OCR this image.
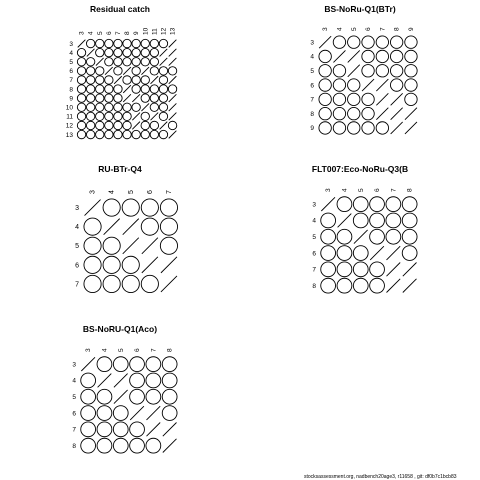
Residual catch
3 4 5 6 7 8 9 10 11 12 13
3
4
5
6
7
8
9
10
11
12
13
BS-NoRu-Q1(BTr)
3 4 5 6 7 8 9
3
4
5
6
7
8
9
RU-BTr-Q4
3 4 5 6 7
3
4
5
6
7
FLT007:Eco-NoRu-Q3(B
3 4 5 6 7 8
3
4
5
6
7
8
BS-NoRU-Q1(Aco)
3 4 5 6 7 8
3
4
5
6
7
8
stocksassessment.org, nadbench20age3, r11658 , git: df0b7c1bcb83
